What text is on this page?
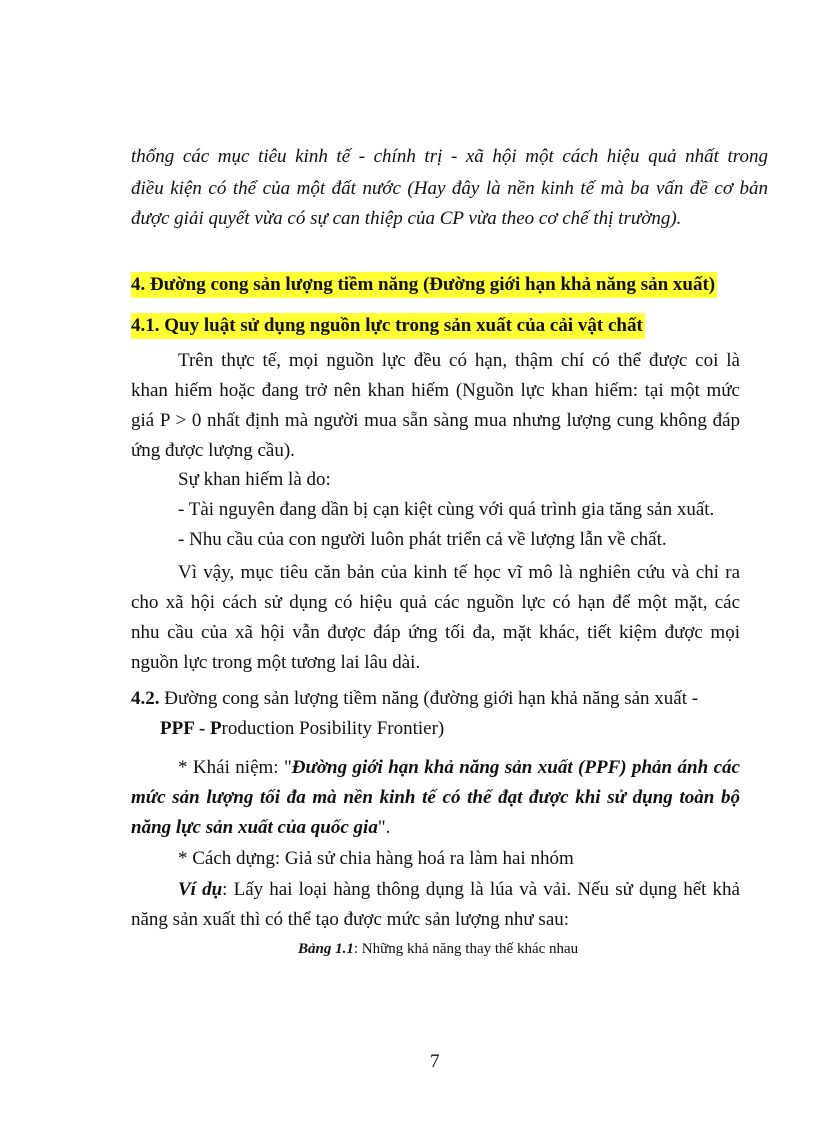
thống các mục tiêu kinh tế - chính trị - xã hội một cách hiệu quả nhất trong
điều kiện có thể của một đất nước (Hay đây là nền kinh tế mà ba vấn đề cơ bản
được giải quyết vừa có sự can thiệp của CP vừa theo cơ chế thị trường).
4. Đường cong sản lượng tiềm năng (Đường giới hạn khả năng sản xuất)
4.1. Quy luật sử dụng nguồn lực trong sản xuất của cải vật chất
Trên thực tế, mọi nguồn lực đều có hạn, thậm chí có thể được coi là
khan hiếm hoặc đang trở nên khan hiếm (Nguồn lực khan hiếm: tại một mức
giá P > 0 nhất định mà người mua sẵn sàng mua nhưng lượng cung không đáp
ứng được lượng cầu).
Sự khan hiếm là do:
- Tài nguyên đang dần bị cạn kiệt cùng với quá trình gia tăng sản xuất.
- Nhu cầu của con người luôn phát triển cả về lượng lẫn về chất.
Vì vậy, mục tiêu căn bản của kinh tế học vĩ mô là nghiên cứu và chỉ ra
cho xã hội cách sử dụng có hiệu quả các nguồn lực có hạn để một mặt, các
nhu cầu của xã hội vẫn được đáp ứng tối đa, mặt khác, tiết kiệm được mọi
nguồn lực trong một tương lai lâu dài.
4.2. Đường cong sản lượng tiềm năng (đường giới hạn khả năng sản xuất -
PPF - Production Posibility Frontier)
* Khái niệm: "Đường giới hạn khả năng sản xuất (PPF) phản ánh các
mức sản lượng tối đa mà nền kinh tế có thể đạt được khi sử dụng toàn bộ
năng lực sản xuất của quốc gia".
* Cách dựng: Giả sử chia hàng hoá ra làm hai nhóm
Ví dụ: Lấy hai loại hàng thông dụng là lúa và vải. Nếu sử dụng hết khả
năng sản xuất thì có thể tạo được mức sản lượng như sau:
Bảng 1.1: Những khả năng thay thế khác nhau
7
